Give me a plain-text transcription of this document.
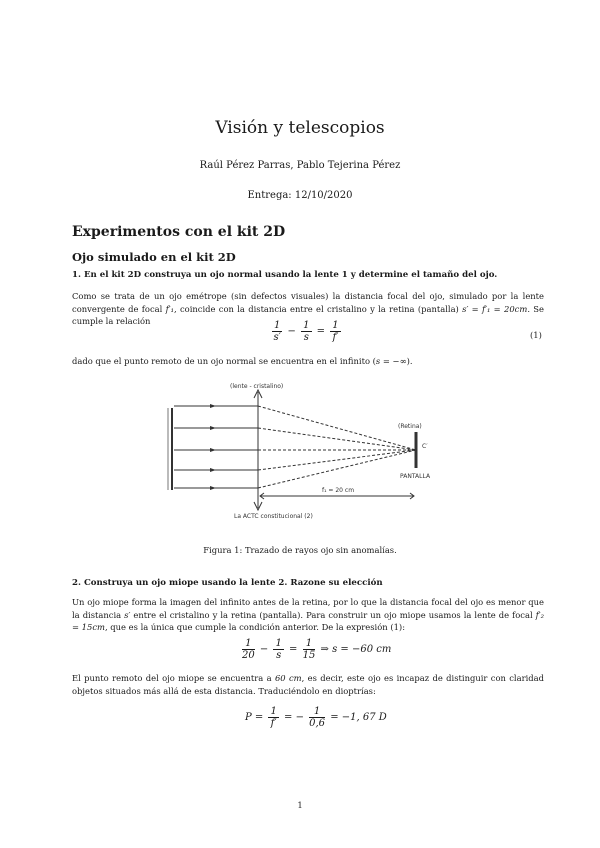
Visión y telescopios
Raúl Pérez Parras, Pablo Tejerina Pérez
Entrega: 12/10/2020
Experimentos con el kit 2D
Ojo simulado en el kit 2D
1. En el kit 2D construya un ojo normal usando la lente 1 y determine el tamaño del ojo.
Como se trata de un ojo emétrope (sin defectos visuales) la distancia focal del ojo, simulado por la lente convergente de focal f′₁, coincide con la distancia entre el cristalino y la retina (pantalla) s′ = f′₁ = 20cm. Se cumple la relación	$\frac{1}{s'} - \frac{1}{s} = \frac{1}{f'}$	(1)
dado que el punto remoto de un ojo normal se encuentra en el infinito (s = −∞).
(lente - cristalino)
(Retina)
C′
PANTALLA
f₁ = 20 cm
La ACTC constitucional (2)
Figura 1: Trazado de rayos ojo sin anomalías.
2. Construya un ojo miope usando la lente 2. Razone su elección
Un ojo miope forma la imagen del infinito antes de la retina, por lo que la distancia focal del ojo es menor que la distancia s′ entre el cristalino y la retina (pantalla). Para construir un ojo miope usamos la lente de focal f′₂ = 15cm, que es la única que cumple la condición anterior. De la expresión (1):
$\frac{1}{20} - \frac{1}{s} = \frac{1}{15}$ ⇒ s = −60 cm
El punto remoto del ojo miope se encuentra a 60 cm, es decir, este ojo es incapaz de distinguir con claridad objetos situados más allá de esta distancia. Traduciéndolo en dioptrías:
$P = \frac{1}{f'}$ = − $\frac{1}{0,6} = -1$, 67 D
1
